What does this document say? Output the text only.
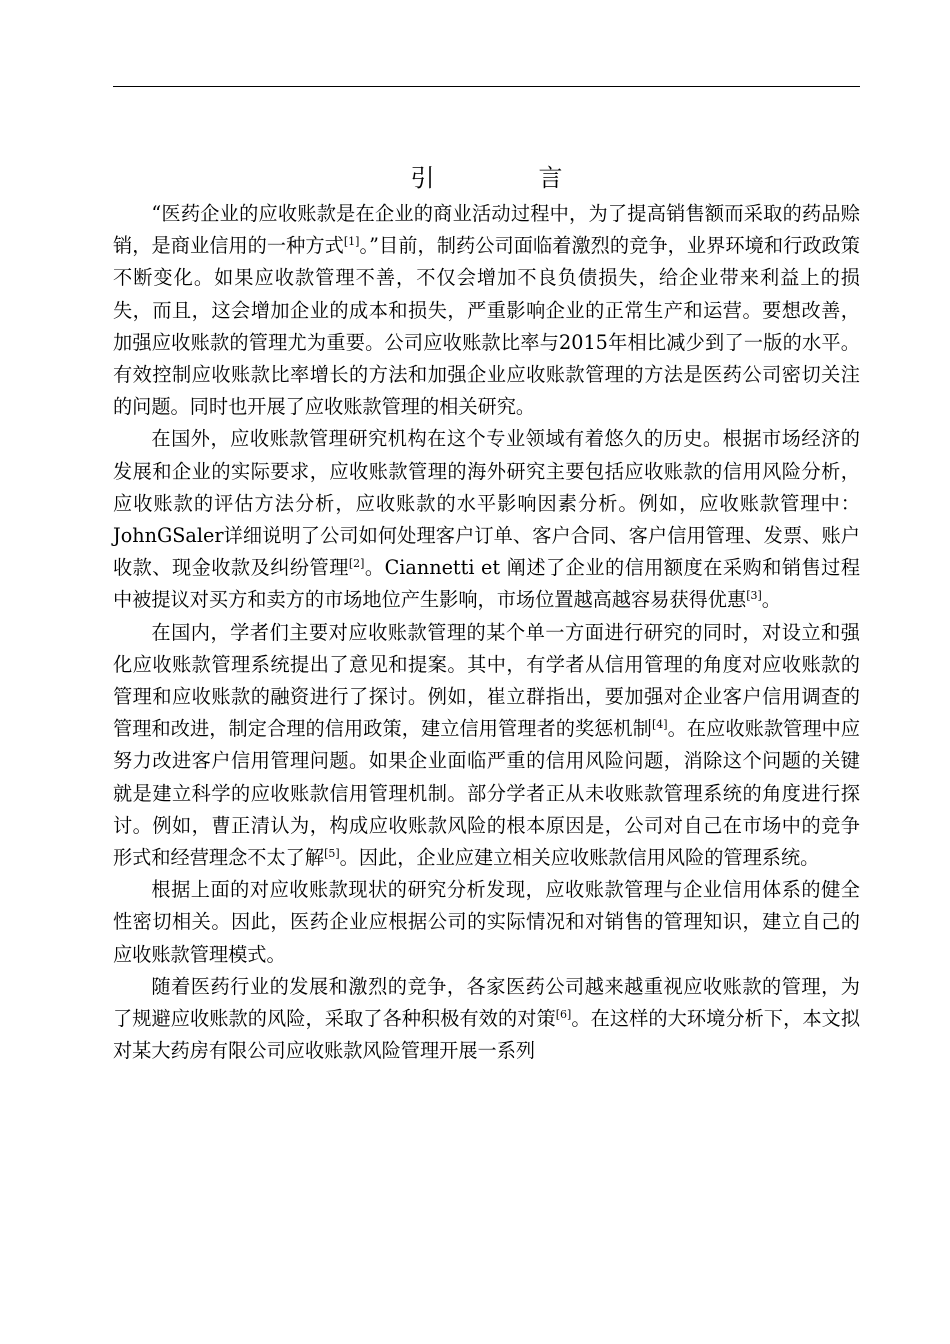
引　言

“医药企业的应收账款是在企业的商业活动过程中，为了提高销售额而采取的药品赊销，是商业信用的一种方式[1]。”目前，制药公司面临着激烈的竞争，业界环境和行政政策不断变化。如果应收款管理不善，不仅会增加不良负债损失，给企业带来利益上的损失，而且，这会增加企业的成本和损失，严重影响企业的正常生产和运营。要想改善，加强应收账款的管理尤为重要。公司应收账款比率与2015年相比减少到了一版的水平。有效控制应收账款比率增长的方法和加强企业应收账款管理的方法是医药公司密切关注的问题。同时也开展了应收账款管理的相关研究。

在国外，应收账款管理研究机构在这个专业领域有着悠久的历史。根据市场经济的发展和企业的实际要求，应收账款管理的海外研究主要包括应收账款的信用风险分析，应收账款的评估方法分析，应收账款的水平影响因素分析。例如，应收账款管理中：JohnGSaler详细说明了公司如何处理客户订单、客户合同、客户信用管理、发票、账户收款、现金收款及纠纷管理[2]。Ciannetti et 阐述了企业的信用额度在采购和销售过程中被提议对买方和卖方的市场地位产生影响，市场位置越高越容易获得优惠[3]。

在国内，学者们主要对应收账款管理的某个单一方面进行研究的同时，对设立和强化应收账款管理系统提出了意见和提案。其中，有学者从信用管理的角度对应收账款的管理和应收账款的融资进行了探讨。例如，崔立群指出，要加强对企业客户信用调查的管理和改进，制定合理的信用政策，建立信用管理者的奖惩机制[4]。在应收账款管理中应努力改进客户信用管理问题。如果企业面临严重的信用风险问题，消除这个问题的关键就是建立科学的应收账款信用管理机制。部分学者正从未收账款管理系统的角度进行探讨。例如，曹正清认为，构成应收账款风险的根本原因是，公司对自己在市场中的竞争形式和经营理念不太了解[5]。因此，企业应建立相关应收账款信用风险的管理系统。

根据上面的对应收账款现状的研究分析发现，应收账款管理与企业信用体系的健全性密切相关。因此，医药企业应根据公司的实际情况和对销售的管理知识，建立自己的应收账款管理模式。

随着医药行业的发展和激烈的竞争，各家医药公司越来越重视应收账款的管理，为了规避应收账款的风险，采取了各种积极有效的对策[6]。在这样的大环境分析下，本文拟对某大药房有限公司应收账款风险管理开展一系列
